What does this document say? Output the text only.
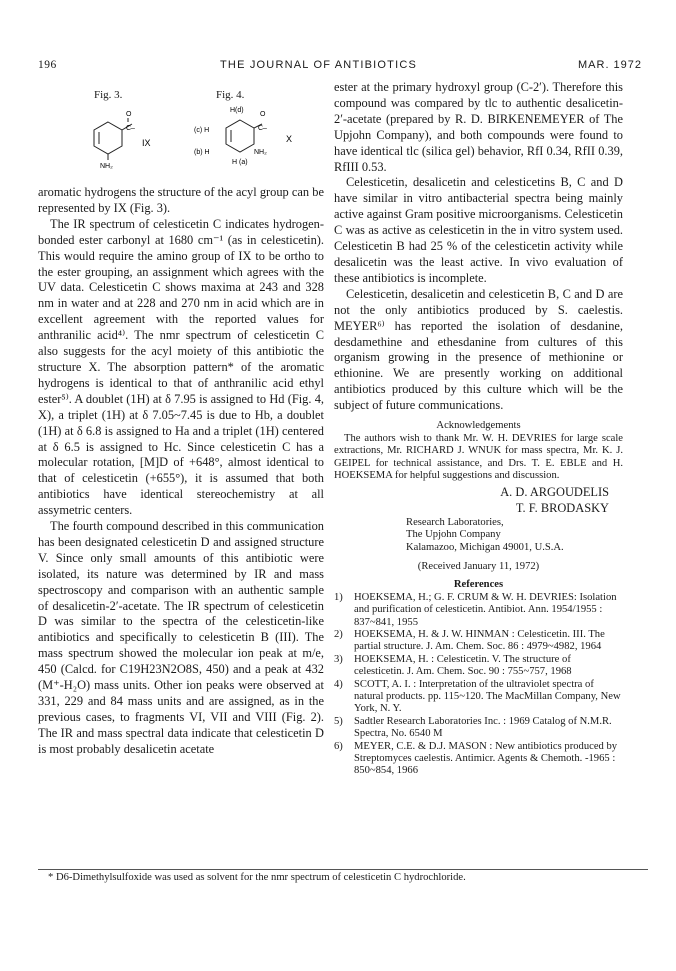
196	THE JOURNAL OF ANTIBIOTICS	MAR. 1972
Fig. 3.	Fig. 4.
O
C–
NH₂
IX
H(d)
O
C–
(c) H
(b) H	NH₂
H (a)
X

aromatic hydrogens the structure of the acyl group can be represented by IX (Fig. 3).

The IR spectrum of celesticetin C indicates hydrogen-bonded ester carbonyl at 1680 cm⁻¹ (as in celesticetin). This would require the amino group of IX to be ortho to the ester grouping, an assignment which agrees with the UV data. Celesticetin C shows maxima at 243 and 328 nm in water and at 228 and 270 nm in acid which are in excellent agreement with the reported values for anthranilic acid⁴⁾. The nmr spectrum of celesticetin C also suggests for the acyl moiety of this antibiotic the structure X. The absorption pattern* of the aromatic hydrogens is identical to that of anthranilic acid ethyl ester⁵⁾. A doublet (1H) at δ 7.95 is assigned to Hd (Fig. 4, X), a triplet (1H) at δ 7.05~7.45 is due to Hb, a doublet (1H) at δ 6.8 is assigned to Ha and a triplet (1H) centered at δ 6.5 is assigned to Hc. Since celesticetin C has a molecular rotation, [M]D of +648°, almost identical to that of celesticetin (+655°), it is assumed that both antibiotics have identical stereochemistry at all assymetric centers.

The fourth compound described in this communication has been designated celesticetin D and assigned structure V. Since only small amounts of this antibiotic were isolated, its nature was determined by IR and mass spectroscopy and comparison with an authentic sample of desalicetin-2′-acetate. The IR spectrum of celesticetin D was similar to the spectra of the celesticetin-like antibiotics and specifically to celesticetin B (III). The mass spectrum showed the molecular ion peak at m/e, 450 (Calcd. for C19H23N2O8S, 450) and a peak at 432 (M⁺-H₂O) mass units. Other ion peaks were observed at 331, 229 and 84 mass units and are assigned, as in the previous cases, to fragments VI, VII and VIII (Fig. 2). The IR and mass spectral data indicate that celesticetin D is most probably desalicetin acetate

ester at the primary hydroxyl group (C-2′). Therefore this compound was compared by tlc to authentic desalicetin-2′-acetate (prepared by R. D. BIRKENEMEYER of The Upjohn Company), and both compounds were found to have identical tlc (silica gel) behavior, RfI 0.34, RfII 0.39, RfIII 0.53.

Celesticetin, desalicetin and celesticetins B, C and D have similar in vitro antibacterial spectra being mainly active against Gram positive microorganisms. Celesticetin C was as active as celesticetin in the in vitro system used. Celesticetin B had 25 % of the celesticetin activity while desalicetin was the least active. In vivo evaluation of these antibiotics is incomplete.

Celesticetin, desalicetin and celesticetin B, C and D are not the only antibiotics produced by S. caelestis. MEYER⁶⁾ has reported the isolation of desdanine, desdamethine and ethesdanine from cultures of this organism growing in the presence of methionine or ethionine. We are presently working on additional antibiotics produced by this culture which will be the subject of future communications.

Acknowledgements
The authors wish to thank Mr. W. H. DEVRIES for large scale extractions, Mr. RICHARD J. WNUK for mass spectra, Mr. K. J. GEIPEL for technical assistance, and Drs. T. E. EBLE and H. HOEKSEMA for helpful suggestions and discussion.
A. D. ARGOUDELIS
T. F. BRODASKY
Research Laboratories,
The Upjohn Company
Kalamazoo, Michigan 49001, U.S.A.
(Received January 11, 1972)
References
1) HOEKSEMA, H.; G. F. CRUM & W. H. DEVRIES: Isolation and purification of celesticetin. Antibiot. Ann. 1954/1955 : 837~841, 1955
2) HOEKSEMA, H. & J. W. HINMAN : Celesticetin. III. The partial structure. J. Am. Chem. Soc. 86 : 4979~4982, 1964
3) HOEKSEMA, H. : Celesticetin. V. The structure of celesticetin. J. Am. Chem. Soc. 90 : 755~757, 1968
4) SCOTT, A. I. : Interpretation of the ultraviolet spectra of natural products. pp. 115~120. The MacMillan Company, New York, N. Y.
5) Sadtler Research Laboratories Inc. : 1969 Catalog of N.M.R. Spectra, No. 6540 M
6) MEYER, C.E. & D.J. MASON : New antibiotics produced by Streptomyces caelestis. Antimicr. Agents & Chemoth. -1965 : 850~854, 1966
* D6-Dimethylsulfoxide was used as solvent for the nmr spectrum of celesticetin C hydrochloride.
